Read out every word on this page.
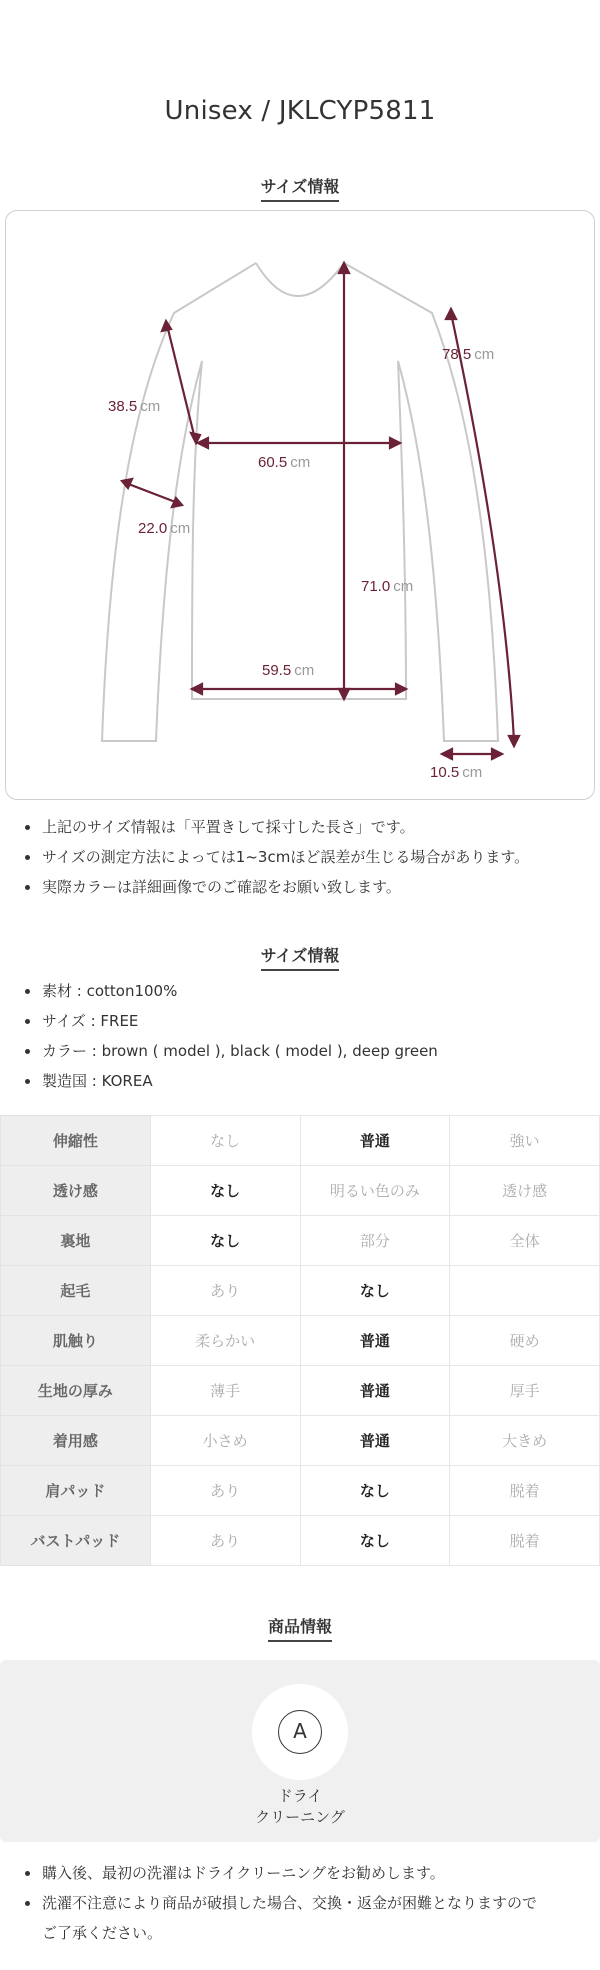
Unisex / JKLCYP5811
サイズ情報
78.5 cm
38.5 cm
60.5 cm
22.0 cm
71.0 cm
59.5 cm
10.5 cm
上記のサイズ情報は「平置きして採寸した長さ」です。
サイズの測定方法によっては1~3cmほど誤差が生じる場合があります。
実際カラーは詳細画像でのご確認をお願い致します。
サイズ情報
素材 : cotton100%
サイズ : FREE
カラー : brown ( model ), black ( model ), deep green
製造国 : KOREA
伸縮性	なし	普通	強い
透け感	なし	明るい色のみ	透け感
裏地	なし	部分	全体
起毛	あり	なし	
肌触り	柔らかい	普通	硬め
生地の厚み	薄手	普通	厚手
着用感	小さめ	普通	大きめ
肩パッド	あり	なし	脱着
バストパッド	あり	なし	脱着
商品情報
A
ドライ
クリーニング
購入後、最初の洗濯はドライクリーニングをお勧めします。
洗濯不注意により商品が破損した場合、交換・返金が困難となりますので
ご了承ください。
